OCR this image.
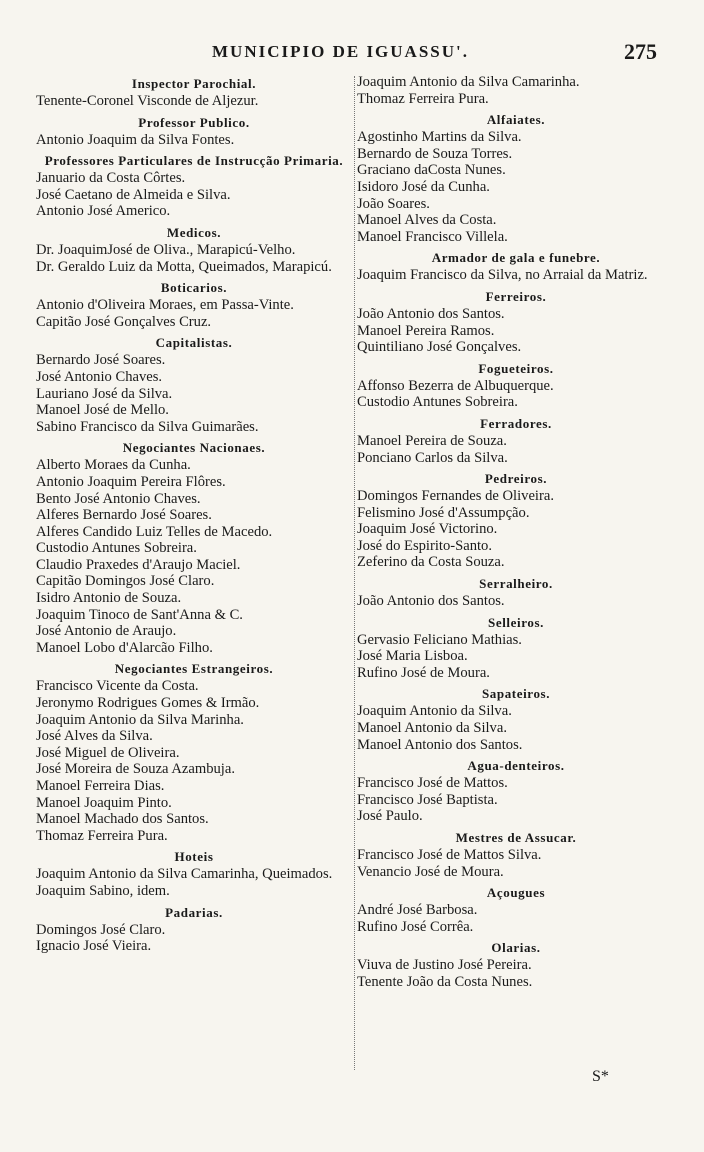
MUNICIPIO DE IGUASSU'.	275
Inspector Parochial.
Tenente-Coronel Visconde de Aljezur.
Professor Publico.
Antonio Joaquim da Silva Fontes.
Professores Particulares de Instrucção Primaria.
Januario da Costa Côrtes.
José Caetano de Almeida e Silva.
Antonio José Americo.
Medicos.
Dr. JoaquimJosé de Oliva., Marapicú-Velho.
Dr. Geraldo Luiz da Motta, Queimados, Marapicú.
Boticarios.
Antonio d'Oliveira Moraes, em Passa-Vinte.
Capitão José Gonçalves Cruz.
Capitalistas.
Bernardo José Soares.
José Antonio Chaves.
Lauriano José da Silva.
Manoel José de Mello.
Sabino Francisco da Silva Guimarães.
Negociantes Nacionaes.
Alberto Moraes da Cunha.
Antonio Joaquim Pereira Flôres.
Bento José Antonio Chaves.
Alferes Bernardo José Soares.
Alferes Candido Luiz Telles de Macedo.
Custodio Antunes Sobreira.
Claudio Praxedes d'Araujo Maciel.
Capitão Domingos José Claro.
Isidro Antonio de Souza.
Joaquim Tinoco de Sant'Anna & C.
José Antonio de Araujo.
Manoel Lobo d'Alarcão Filho.
Negociantes Estrangeiros.
Francisco Vicente da Costa.
Jeronymo Rodrigues Gomes & Irmão.
Joaquim Antonio da Silva Marinha.
José Alves da Silva.
José Miguel de Oliveira.
José Moreira de Souza Azambuja.
Manoel Ferreira Dias.
Manoel Joaquim Pinto.
Manoel Machado dos Santos.
Thomaz Ferreira Pura.
Hoteis
Joaquim Antonio da Silva Camarinha, Queimados.
Joaquim Sabino, idem.
Padarias.
Domingos José Claro.
Ignacio José Vieira.
Joaquim Antonio da Silva Camarinha.
Thomaz Ferreira Pura.
Alfaiates.
Agostinho Martins da Silva.
Bernardo de Souza Torres.
Graciano daCosta Nunes.
Isidoro José da Cunha.
João Soares.
Manoel Alves da Costa.
Manoel Francisco Villela.
Armador de gala e funebre.
Joaquim Francisco da Silva, no Arraial da Matriz.
Ferreiros.
João Antonio dos Santos.
Manoel Pereira Ramos.
Quintiliano José Gonçalves.
Fogueteiros.
Affonso Bezerra de Albuquerque.
Custodio Antunes Sobreira.
Ferradores.
Manoel Pereira de Souza.
Ponciano Carlos da Silva.
Pedreiros.
Domingos Fernandes de Oliveira.
Felismino José d'Assumpção.
Joaquim José Victorino.
José do Espirito-Santo.
Zeferino da Costa Souza.
Serralheiro.
João Antonio dos Santos.
Selleiros.
Gervasio Feliciano Mathias.
José Maria Lisboa.
Rufino José de Moura.
Sapateiros.
Joaquim Antonio da Silva.
Manoel Antonio da Silva.
Manoel Antonio dos Santos.
Agua-denteiros.
Francisco José de Mattos.
Francisco José Baptista.
José Paulo.
Mestres de Assucar.
Francisco José de Mattos Silva.
Venancio José de Moura.
Açougues
André José Barbosa.
Rufino José Corrêa.
Olarias.
Viuva de Justino José Pereira.
Tenente João da Costa Nunes.
S*
